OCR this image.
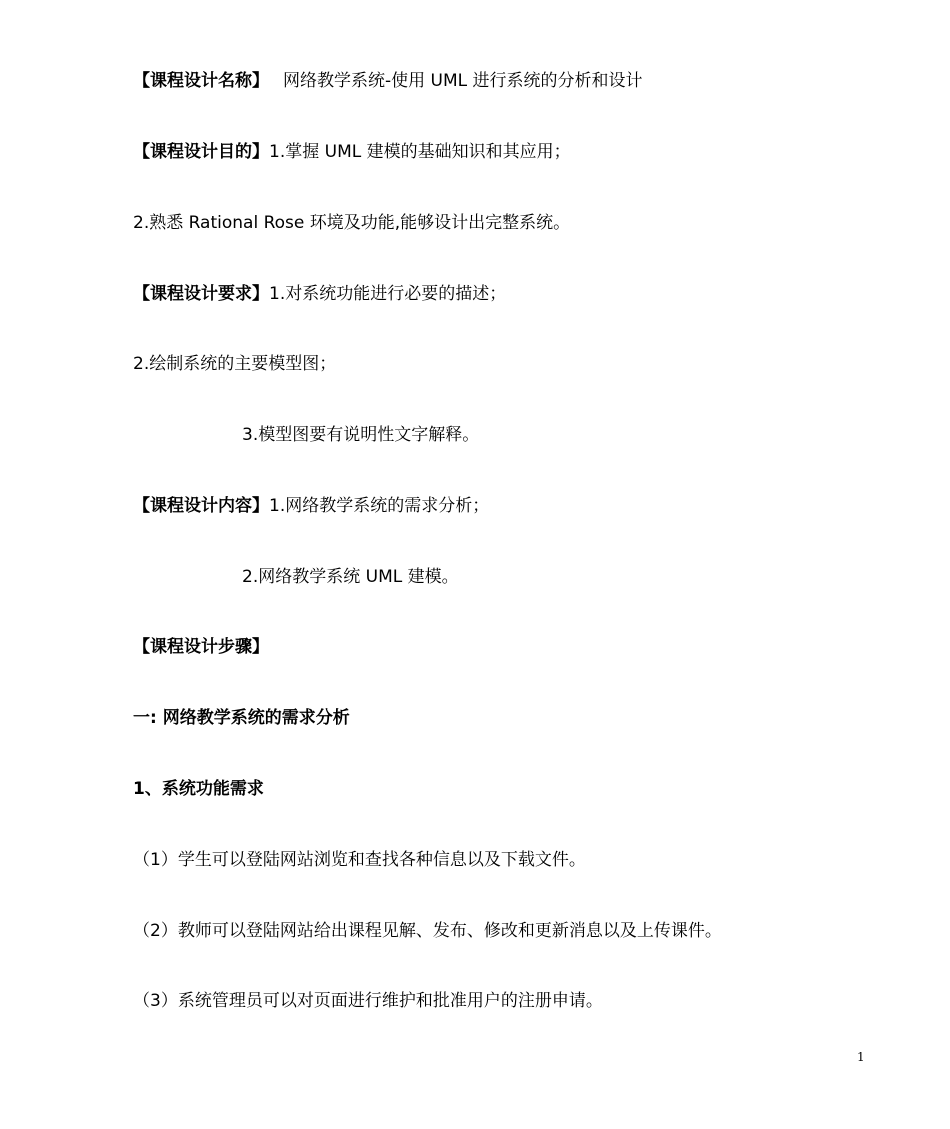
【课程设计名称】 网络教学系统-使用 UML 进行系统的分析和设计
【课程设计目的】1.掌握 UML 建模的基础知识和其应用；
2.熟悉 Rational Rose 环境及功能,能够设计出完整系统。
【课程设计要求】1.对系统功能进行必要的描述；
2.绘制系统的主要模型图；
3.模型图要有说明性文字解释。
【课程设计内容】1.网络教学系统的需求分析；
2.网络教学系统 UML 建模。
【课程设计步骤】
一: 网络教学系统的需求分析
1、系统功能需求
（1）学生可以登陆网站浏览和查找各种信息以及下载文件。
（2）教师可以登陆网站给出课程见解、发布、修改和更新消息以及上传课件。
（3）系统管理员可以对页面进行维护和批准用户的注册申请。
1
